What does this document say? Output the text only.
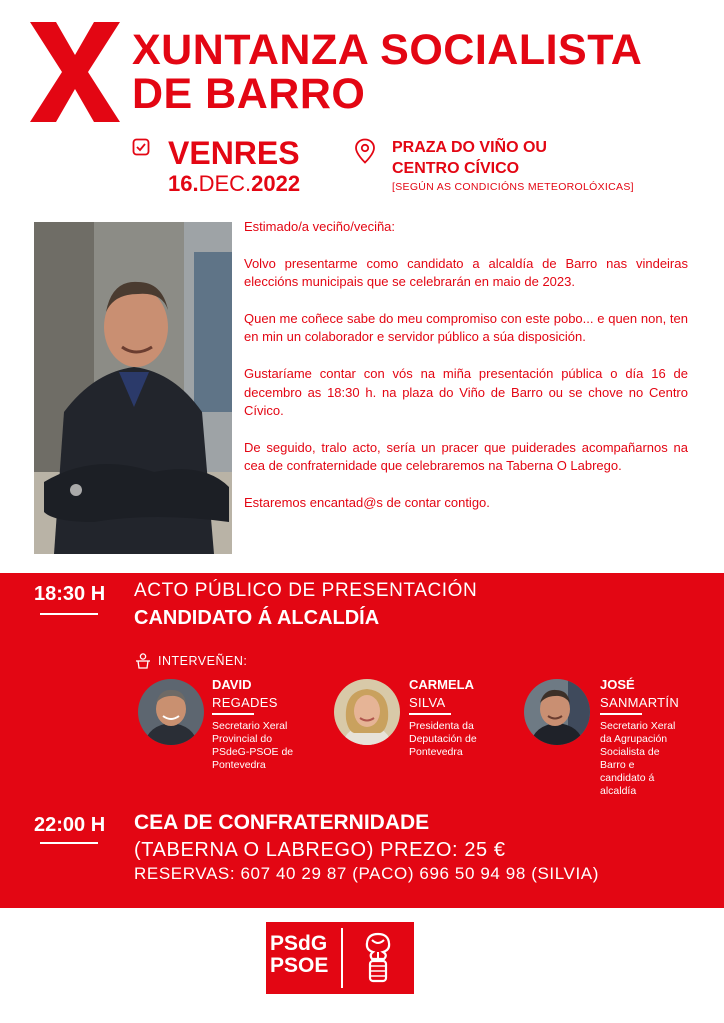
XUNTANZA SOCIALISTA
DE BARRO
VENRES
16.DEC.2022
PRAZA DO VIÑO OU
CENTRO CÍVICO
[SEGÚN AS CONDICIÓNS METEOROLÓXICAS]

Estimado/a veciño/veciña:

Volvo presentarme como candidato a alcaldía de Barro nas vindeiras eleccións municipais que se celebrarán en maio de 2023.

Quen me coñece sabe do meu compromiso con este pobo... e quen non, ten en min un colaborador e servidor público a súa disposición.

Gustaríame contar con vós na miña presentación pública o día 16 de decembro as 18:30 h. na plaza do Viño de Barro ou se chove no Centro Cívico.

De seguido, tralo acto, sería un pracer que puiderades acompañarnos na cea de confraternidade que celebraremos na Taberna O Labrego.

Estaremos encantad@s de contar contigo.

18:30 H ACTO PÚBLICO DE PRESENTACIÓN
CANDIDATO Á ALCALDÍA
INTERVEÑEN:
DAVID
REGADES
Secretario Xeral
Provincial do
PSdeG-PSOE de
Pontevedra
CARMELA
SILVA
Presidenta da
Deputación de
Pontevedra
JOSÉ
SANMARTÍN
Secretario Xeral
da Agrupación
Socialista de
Barro e
candidato á
alcaldía
22:00 H CEA DE CONFRATERNIDADE
(TABERNA O LABREGO) PREZO: 25 €
RESERVAS: 607 40 29 87 (PACO) 696 50 94 98 (SILVIA)
PSdG
PSOE
